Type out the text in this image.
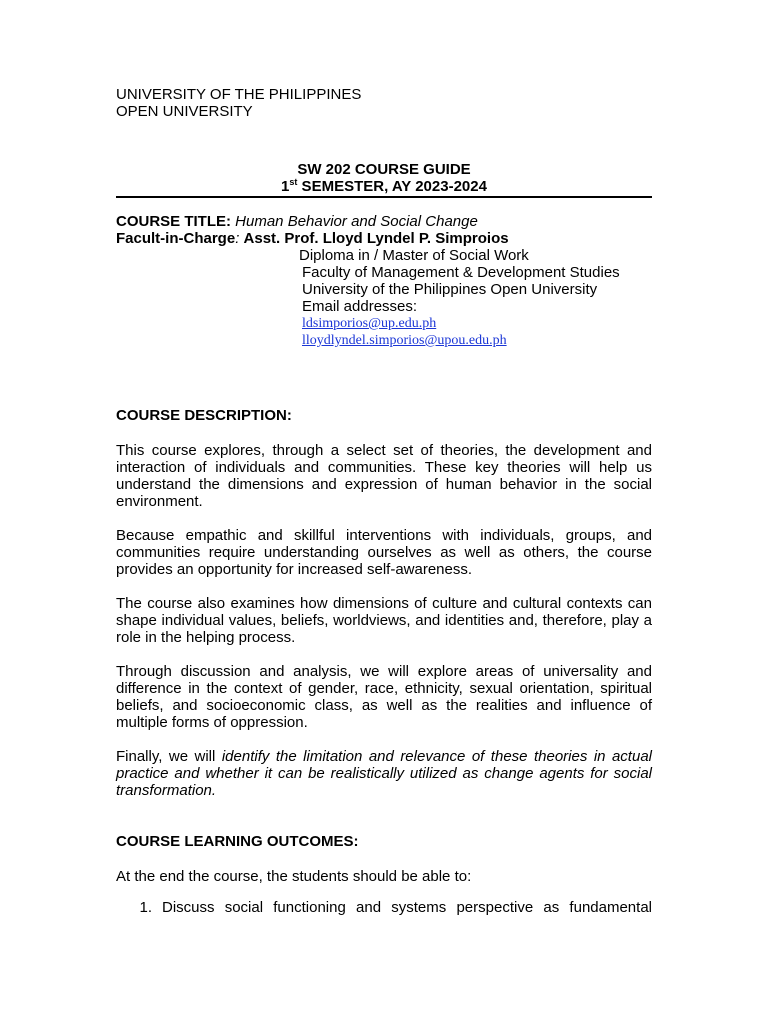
UNIVERSITY OF THE PHILIPPINES
OPEN UNIVERSITY
SW 202 COURSE GUIDE
1st SEMESTER, AY 2023-2024
COURSE TITLE: Human Behavior and Social Change
Facult-in-Charge: Asst. Prof. Lloyd Lyndel P. Simproios
Diploma in / Master of Social Work
Faculty of Management & Development Studies
University of the Philippines Open University
Email addresses:
ldsimporios@up.edu.ph
lloydlyndel.simporios@upou.edu.ph
COURSE DESCRIPTION:

This course explores, through a select set of theories, the development and interaction of individuals and communities. These key theories will help us understand the dimensions and expression of human behavior in the social environment.

Because empathic and skillful interventions with individuals, groups, and communities require understanding ourselves as well as others, the course provides an opportunity for increased self-awareness.

The course also examines how dimensions of culture and cultural contexts can shape individual values, beliefs, worldviews, and identities and, therefore, play a role in the helping process.

Through discussion and analysis, we will explore areas of universality and difference in the context of gender, race, ethnicity, sexual orientation, spiritual beliefs, and socioeconomic class, as well as the realities and influence of multiple forms of oppression.

Finally, we will identify the limitation and relevance of these theories in actual practice and whether it can be realistically utilized as change agents for social transformation.

COURSE LEARNING OUTCOMES:
At the end the course, the students should be able to:
1. Discuss social functioning and systems perspective as fundamental
